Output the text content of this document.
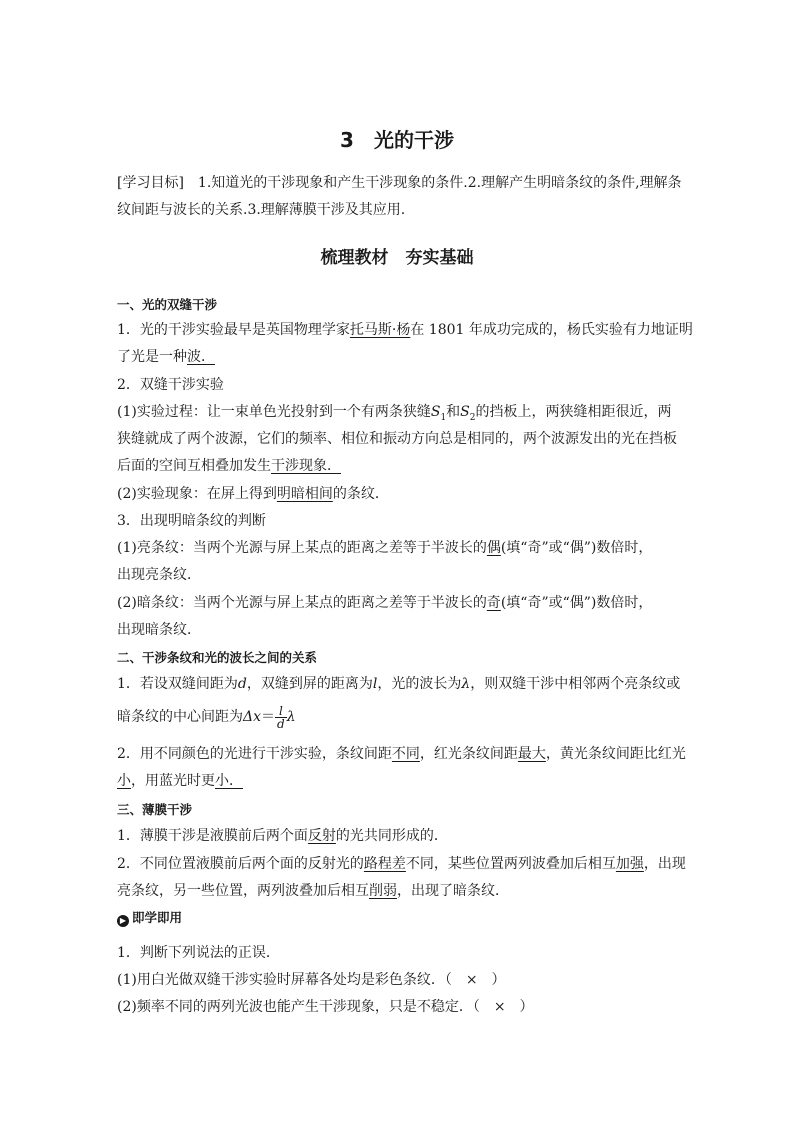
3　光的干涉
[学习目标]　1.知道光的干涉现象和产生干涉现象的条件.2.理解产生明暗条纹的条件,理解条
纹间距与波长的关系.3.理解薄膜干涉及其应用.
梳理教材　夯实基础
一、光的双缝干涉
1．光的干涉实验最早是英国物理学家托马斯·杨在 1801 年成功完成的，杨氏实验有力地证明
了光是一种波．
2．双缝干涉实验
(1)实验过程：让一束单色光投射到一个有两条狭缝$S_1$和$S_2$的挡板上，两狭缝相距很近，两
狭缝就成了两个波源，它们的频率、相位和振动方向总是相同的，两个波源发出的光在挡板
后面的空间互相叠加发生干涉现象．
(2)实验现象：在屏上得到明暗相间的条纹．
3．出现明暗条纹的判断
(1)亮条纹：当两个光源与屏上某点的距离之差等于半波长的偶(填“奇”或“偶”)数倍时，
出现亮条纹．
(2)暗条纹：当两个光源与屏上某点的距离之差等于半波长的奇(填“奇”或“偶”)数倍时，
出现暗条纹．
二、干涉条纹和光的波长之间的关系
1．若设双缝间距为d，双缝到屏的距离为l，光的波长为λ，则双缝干涉中相邻两个亮条纹或
暗条纹的中心间距为$\Delta x= \frac{l}{d}$ λ
2．用不同颜色的光进行干涉实验，条纹间距不同，红光条纹间距最大，黄光条纹间距比红光
小，用蓝光时更小．
三、薄膜干涉
1．薄膜干涉是液膜前后两个面反射的光共同形成的．
2．不同位置液膜前后两个面的反射光的路程差不同，某些位置两列波叠加后相互加强，出现
亮条纹，另一些位置，两列波叠加后相互削弱，出现了暗条纹．
▶ 即学即用
1．判断下列说法的正误．
(1)用白光做双缝干涉实验时屏幕各处均是彩色条纹．（　×　）
(2)频率不同的两列光波也能产生干涉现象，只是不稳定．（　×　）
